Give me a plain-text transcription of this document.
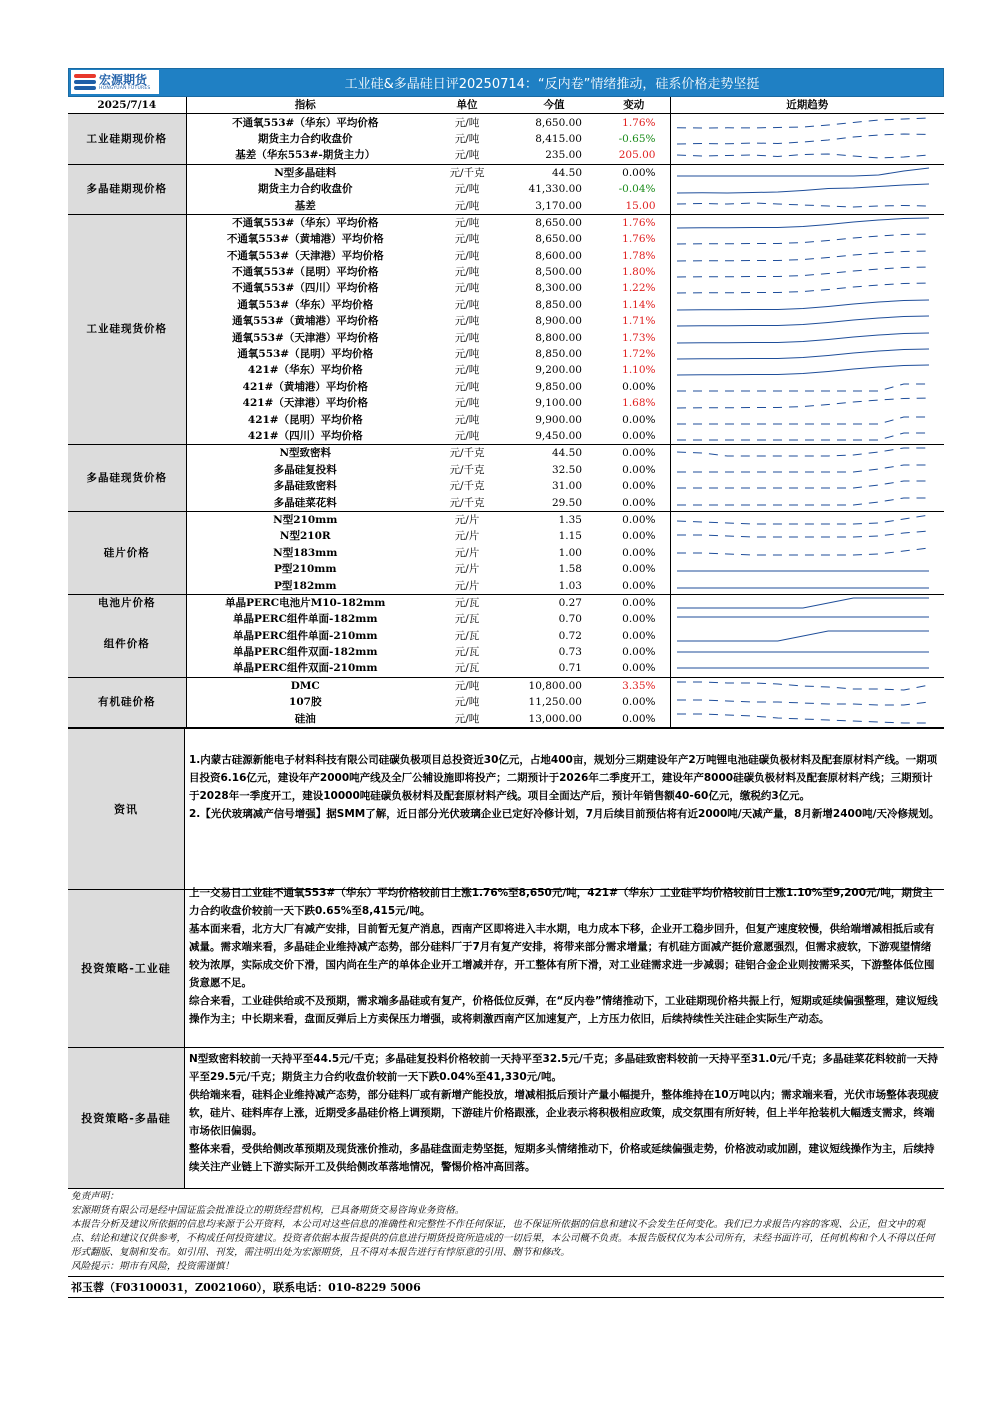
宏源期货
HONGYUAN FUTURES	工业硅&多晶硅日评20250714：“反内卷”情绪推动，硅系价格走势坚挺
2025/7/14	指标	单位	今值	变动	近期趋势
工业硅期现价格	不通氧553#（华东）平均价格	元/吨	8,650.00	1.76%	

	期货主力合约收盘价	元/吨	8,415.00	-0.65%	

	基差（华东553#-期货主力）	元/吨	235.00	205.00	

多晶硅期现价格	N型多晶硅料	元/千克	44.50	0.00%	

	期货主力合约收盘价	元/吨	41,330.00	-0.04%	

	基差	元/吨	3,170.00	15.00	

工业硅现货价格	不通氧553#（华东）平均价格	元/吨	8,650.00	1.76%	

	不通氧553#（黄埔港）平均价格	元/吨	8,650.00	1.76%	

	不通氧553#（天津港）平均价格	元/吨	8,600.00	1.78%	

	不通氧553#（昆明）平均价格	元/吨	8,500.00	1.80%	

	不通氧553#（四川）平均价格	元/吨	8,300.00	1.22%	

	通氧553#（华东）平均价格	元/吨	8,850.00	1.14%	

	通氧553#（黄埔港）平均价格	元/吨	8,900.00	1.71%	

	通氧553#（天津港）平均价格	元/吨	8,800.00	1.73%	

	通氧553#（昆明）平均价格	元/吨	8,850.00	1.72%	

	421#（华东）平均价格	元/吨	9,200.00	1.10%	

	421#（黄埔港）平均价格	元/吨	9,850.00	0.00%	

	421#（天津港）平均价格	元/吨	9,100.00	1.68%	

	421#（昆明）平均价格	元/吨	9,900.00	0.00%	

	421#（四川）平均价格	元/吨	9,450.00	0.00%	

多晶硅现货价格	N型致密料	元/千克	44.50	0.00%	

	多晶硅复投料	元/千克	32.50	0.00%	

	多晶硅致密料	元/千克	31.00	0.00%	

	多晶硅菜花料	元/千克	29.50	0.00%	

硅片价格	N型210mm	元/片	1.35	0.00%	

	N型210R	元/片	1.15	0.00%	

	N型183mm	元/片	1.00	0.00%	

	P型210mm	元/片	1.58	0.00%	

	P型182mm	元/片	1.03	0.00%	

电池片价格	单晶PERC电池片M10-182mm	元/瓦	0.27	0.00%	

组件价格	单晶PERC组件单面-182mm	元/瓦	0.70	0.00%	

	单晶PERC组件单面-210mm	元/瓦	0.72	0.00%	

	单晶PERC组件双面-182mm	元/瓦	0.73	0.00%	

	单晶PERC组件双面-210mm	元/瓦	0.71	0.00%	

有机硅价格	DMC	元/吨	10,800.00	3.35%	

	107胶	元/吨	11,250.00	0.00%	

	硅油	元/吨	13,000.00	0.00%	
资讯

1.内蒙古硅源新能电子材料科技有限公司硅碳负极项目总投资近30亿元，占地400亩，规划分三期建设年产2万吨锂电池硅碳负极材料及配套原材料产线。一期项目投资6.16亿元，建设年产2000吨产线及全厂公辅设施即将投产；二期预计于2026年二季度开工，建设年产8000硅碳负极材料及配套原材料产线；三期预计于2028年一季度开工，建设10000吨硅碳负极材料及配套原材料产线。项目全面达产后，预计年销售额40-60亿元，缴税约3亿元。

2.【光伏玻璃减产信号增强】据SMM了解，近日部分光伏玻璃企业已定好冷修计划，7月后续目前预估将有近2000吨/天减产量，8月新增2400吨/天冷修规划。

投资策略-工业硅

上一交易日工业硅不通氧553#（华东）平均价格较前日上涨1.76%至8,650元/吨，421#（华东）工业硅平均价格较前日上涨1.10%至9,200元/吨，期货主力合约收盘价较前一天下跌0.65%至8,415元/吨。

基本面来看，北方大厂有减产安排，目前暂无复产消息，西南产区即将进入丰水期，电力成本下移，企业开工稳步回升，但复产速度较慢，供给端增减相抵后或有减量。需求端来看，多晶硅企业维持减产态势，部分硅料厂于7月有复产安排，将带来部分需求增量；有机硅方面减产挺价意愿强烈，但需求疲软，下游观望情绪较为浓厚，实际成交价下滑，国内尚在生产的单体企业开工增减并存，开工整体有所下滑，对工业硅需求进一步减弱；硅铝合金企业则按需采买，下游整体低位囤货意愿不足。

综合来看，工业硅供给或不及预期，需求端多晶硅或有复产，价格低位反弹，在“反内卷”情绪推动下，工业硅期现价格共振上行，短期或延续偏强整理，建议短线操作为主；中长期来看，盘面反弹后上方卖保压力增强，或将刺激西南产区加速复产，上方压力依旧，后续持续性关注硅企实际生产动态。

投资策略-多晶硅

N型致密料较前一天持平至44.5元/千克；多晶硅复投料价格较前一天持平至32.5元/千克；多晶硅致密料较前一天持平至31.0元/千克；多晶硅菜花料较前一天持平至29.5元/千克；期货主力合约收盘价较前一天下跌0.04%至41,330元/吨。

供给端来看，硅料企业维持减产态势，部分硅料厂或有新增产能投放，增减相抵后预计产量小幅提升，整体维持在10万吨以内；需求端来看，光伏市场整体表现疲软，硅片、硅料库存上涨，近期受多晶硅价格上调预期，下游硅片价格跟涨，企业表示将积极相应政策，成交氛围有所好转，但上半年抢装机大幅透支需求，终端市场依旧偏弱。

整体来看，受供给侧改革预期及现货涨价推动，多晶硅盘面走势坚挺，短期多头情绪推动下，价格或延续偏强走势，价格波动或加剧，建议短线操作为主，后续持续关注产业链上下游实际开工及供给侧改革落地情况，警惕价格冲高回落。

免责声明：

宏源期货有限公司是经中国证监会批准设立的期货经营机构，已具备期货交易咨询业务资格。

本报告分析及建议所依据的信息均来源于公开资料，本公司对这些信息的准确性和完整性不作任何保证，也不保证所依据的信息和建议不会发生任何变化。我们已力求报告内容的客观、公正，但文中的观点、结论和建议仅供参考，不构成任何投资建议。投资者依据本报告提供的信息进行期货投资所造成的一切后果，本公司概不负责。本报告版权仅为本公司所有，未经书面许可，任何机构和个人不得以任何形式翻版、复制和发布。如引用、刊发，需注明出处为宏源期货，且不得对本报告进行有悖原意的引用、删节和修改。

风险提示：期市有风险，投资需谨慎！

祁玉蓉（F03100031，Z0021060），联系电话：010-8229 5006
